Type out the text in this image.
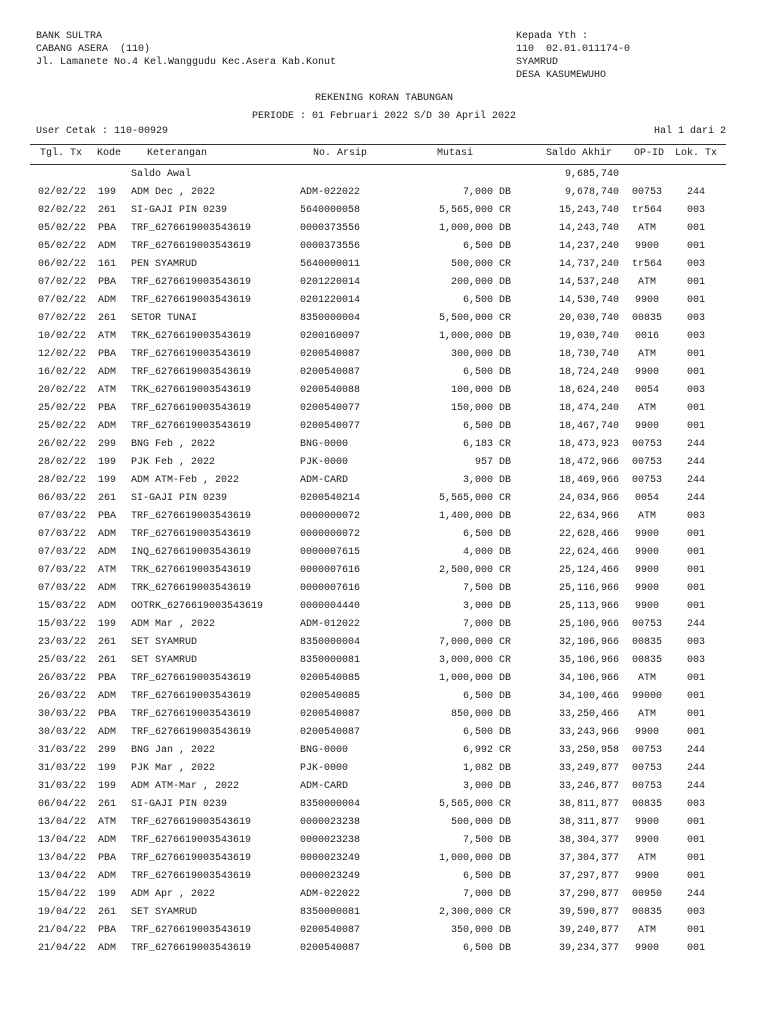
BANK SULTRA
CABANG ASERA  (110)
Jl. Lamanete No.4 Kel.Wanggudu Kec.Asera Kab.Konut
Kepada Yth :
110  02.01.011174-0
SYAMRUD
DESA KASUMEWUHO
REKENING KORAN TABUNGAN
PERIODE : 01 Februari 2022 S/D 30 April 2022
User Cetak : 110-00929	Hal 1 dari 2
Tgl. Tx Kode	Keterangan	No. Arsip	Mutasi	Saldo Akhir OP-ID Lok. Tx
Saldo Awal	9,685,740
02/02/22 199 ADM Dec , 2022	ADM-022022	7,000 DB	9,678,740	00753	244
02/02/22 261 SI-GAJI PIN 0239	5640000058	5,565,000 CR	15,243,740	tr564	003
05/02/22 PBA TRF_6276619003543619	0000373556	1,000,000 DB	14,243,740	ATM	001
05/02/22 ADM TRF_6276619003543619	0000373556	6,500 DB	14,237,240	9900	001
06/02/22 161 PEN SYAMRUD	5640000011	500,000 CR	14,737,240	tr564	003
07/02/22 PBA TRF_6276619003543619	0201220014	200,000 DB	14,537,240	ATM	001
07/02/22 ADM TRF_6276619003543619	0201220014	6,500 DB	14,530,740	9900	001
07/02/22 261 SETOR TUNAI	8350000004	5,500,000 CR	20,030,740	00835	003
10/02/22 ATM TRK_6276619003543619	0200160097	1,000,000 DB	19,030,740	0016	003
12/02/22 PBA TRF_6276619003543619	0200540087	300,000 DB	18,730,740	ATM	001
16/02/22 ADM TRF_6276619003543619	0200540087	6,500 DB	18,724,240	9900	001
20/02/22 ATM TRK_6276619003543619	0200540088	100,000 DB	18,624,240	0054	003
25/02/22 PBA TRF_6276619003543619	0200540077	150,000 DB	18,474,240	ATM	001
25/02/22 ADM TRF_6276619003543619	0200540077	6,500 DB	18,467,740	9900	001
26/02/22 299 BNG Feb , 2022	BNG-0000	6,183 CR	18,473,923	00753	244
28/02/22 199 PJK Feb , 2022	PJK-0000	957 DB	18,472,966	00753	244
28/02/22 199 ADM ATM-Feb , 2022	ADM-CARD	3,000 DB	18,469,966	00753	244
06/03/22 261 SI-GAJI PIN 0239	0200540214	5,565,000 CR	24,034,966	0054	244
07/03/22 PBA TRF_6276619003543619	0000000072	1,400,000 DB	22,634,966	ATM	003
07/03/22 ADM TRF_6276619003543619	0000000072	6,500 DB	22,628,466	9900	001
07/03/22 ADM INQ_6276619003543619	0000007615	4,000 DB	22,624,466	9900	001
07/03/22 ATM TRK_6276619003543619	0000007616	2,500,000 CR	25,124,466	9900	001
07/03/22 ADM TRK_6276619003543619	0000007616	7,500 DB	25,116,966	9900	001
15/03/22 ADM OOTRK_6276619003543619	0000004440	3,000 DB	25,113,966	9900	001
15/03/22 199 ADM Mar , 2022	ADM-012022	7,000 DB	25,106,966	00753	244
23/03/22 261 SET SYAMRUD	8350000004	7,000,000 CR	32,106,966	00835	003
25/03/22 261 SET SYAMRUD	8350000081	3,000,000 CR	35,106,966	00835	003
26/03/22 PBA TRF_6276619003543619	0200540085	1,000,000 DB	34,106,966	ATM	001
26/03/22 ADM TRF_6276619003543619	0200540085	6,500 DB	34,100,466	99000	001
30/03/22 PBA TRF_6276619003543619	0200540087	850,000 DB	33,250,466	ATM	001
30/03/22 ADM TRF_6276619003543619	0200540087	6,500 DB	33,243,966	9900	001
31/03/22 299 BNG Jan , 2022	BNG-0000	6,992 CR	33,250,958	00753	244
31/03/22 199 PJK Mar , 2022	PJK-0000	1,082 DB	33,249,877	00753	244
31/03/22 199 ADM ATM-Mar , 2022	ADM-CARD	3,000 DB	33,246,877	00753	244
06/04/22 261 SI-GAJI PIN 0239	8350000004	5,565,000 CR	38,811,877	00835	003
13/04/22 ATM TRF_6276619003543619	0000023238	500,000 DB	38,311,877	9900	001
13/04/22 ADM TRF_6276619003543619	0000023238	7,500 DB	38,304,377	9900	001
13/04/22 PBA TRF_6276619003543619	0000023249	1,000,000 DB	37,304,377	ATM	001
13/04/22 ADM TRF_6276619003543619	0000023249	6,500 DB	37,297,877	9900	001
15/04/22 199 ADM Apr , 2022	ADM-022022	7,000 DB	37,290,877	00950	244
19/04/22 261 SET SYAMRUD	8350000081	2,300,000 CR	39,590,877	00835	003
21/04/22 PBA TRF_6276619003543619	0200540087	350,000 DB	39,240,877	ATM	001
21/04/22 ADM TRF_6276619003543619	0200540087	6,500 DB	39,234,377	9900	001
